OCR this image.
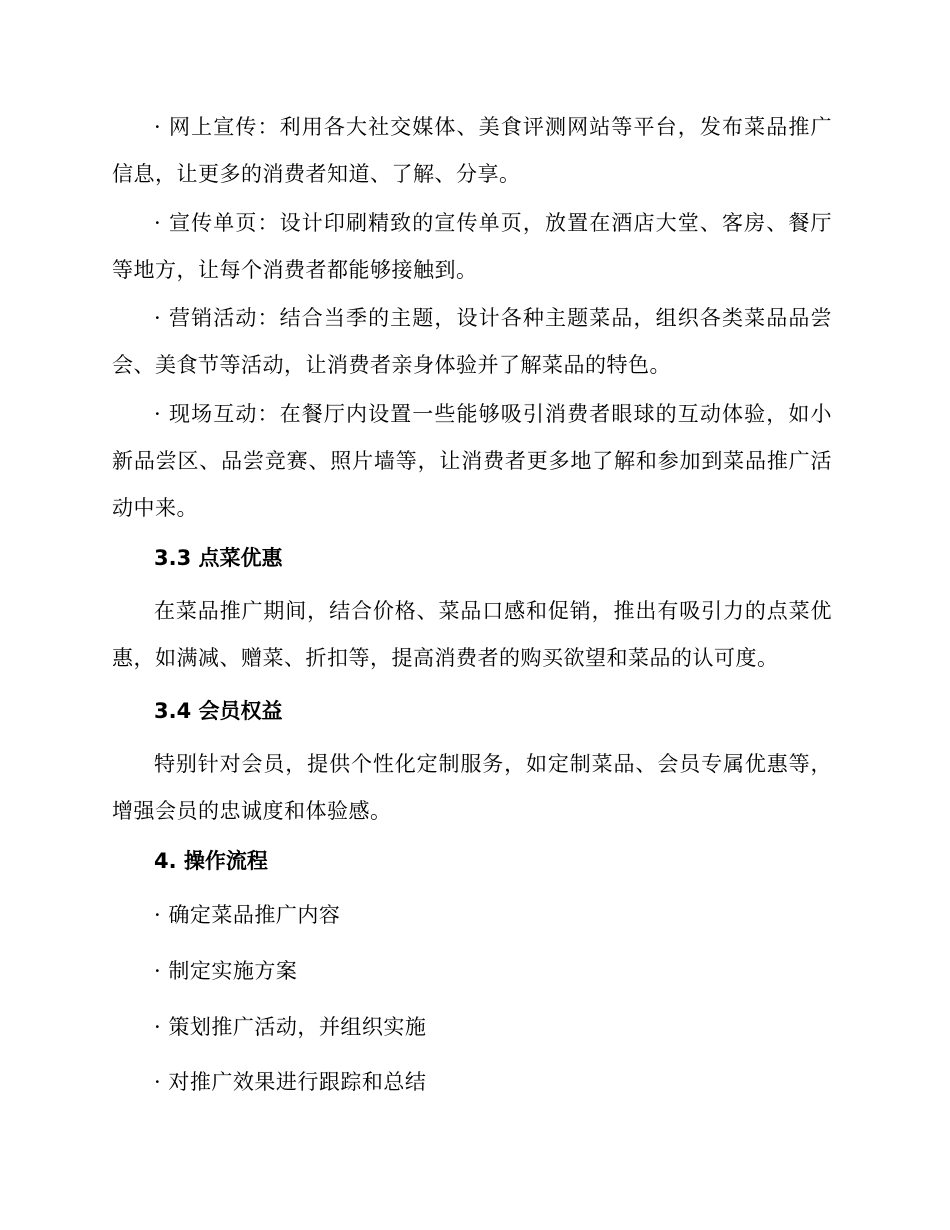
· 网上宣传：利用各大社交媒体、美食评测网站等平台，发布菜品推广信息，让更多的消费者知道、了解、分享。

· 宣传单页：设计印刷精致的宣传单页，放置在酒店大堂、客房、餐厅等地方，让每个消费者都能够接触到。

· 营销活动：结合当季的主题，设计各种主题菜品，组织各类菜品品尝会、美食节等活动，让消费者亲身体验并了解菜品的特色。

· 现场互动：在餐厅内设置一些能够吸引消费者眼球的互动体验，如小新品尝区、品尝竞赛、照片墙等，让消费者更多地了解和参加到菜品推广活动中来。

3.3 点菜优惠

在菜品推广期间，结合价格、菜品口感和促销，推出有吸引力的点菜优惠，如满减、赠菜、折扣等，提高消费者的购买欲望和菜品的认可度。

3.4 会员权益

特别针对会员，提供个性化定制服务，如定制菜品、会员专属优惠等，增强会员的忠诚度和体验感。

4. 操作流程

· 确定菜品推广内容

· 制定实施方案

· 策划推广活动，并组织实施

· 对推广效果进行跟踪和总结
